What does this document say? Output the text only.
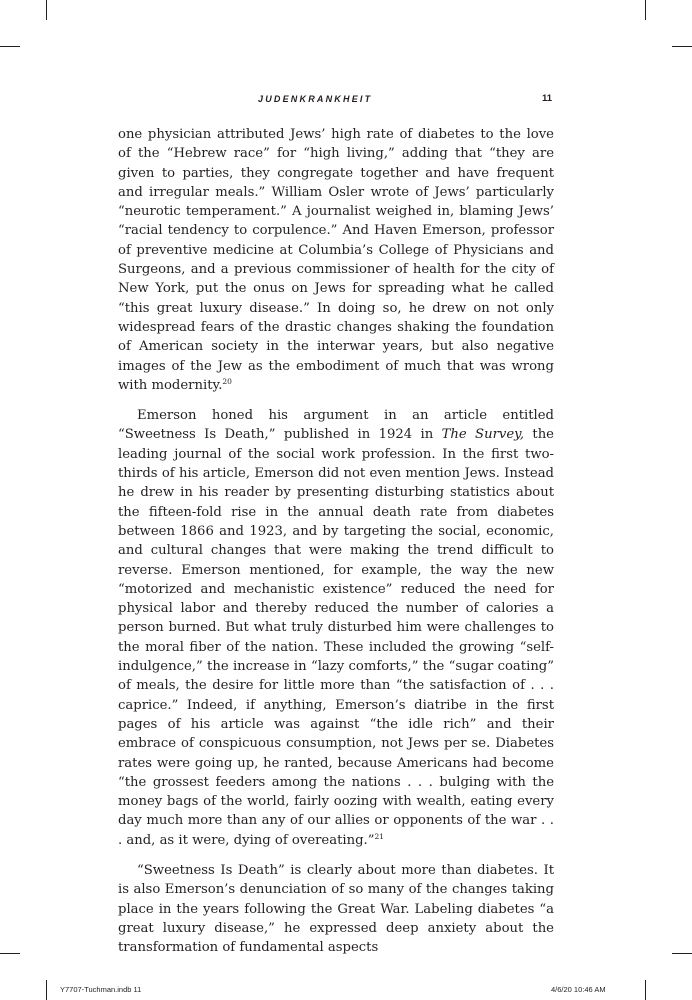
JUDENKRANKHEIT	11

one physician attributed Jews’ high rate of diabetes to the love of the “Hebrew race” for “high living,” adding that “they are given to parties, they congregate together and have frequent and irregular meals.” William Osler wrote of Jews’ particularly “neurotic temperament.” A journalist weighed in, blaming Jews’ “racial tendency to corpulence.” And Haven Emerson, professor of preventive medicine at Columbia’s College of Physicians and Surgeons, and a previous commissioner of health for the city of New York, put the onus on Jews for spreading what he called “this great luxury disease.” In doing so, he drew on not only widespread fears of the drastic changes shaking the foundation of American society in the interwar years, but also negative images of the Jew as the embodiment of much that was wrong with modernity.$^{20}$

Emerson honed his argument in an article entitled “Sweetness Is Death,” published in 1924 in The Survey, the leading journal of the social work profession. In the first two-thirds of his article, Emerson did not even mention Jews. Instead he drew in his reader by presenting disturbing statistics about the fifteen-fold rise in the annual death rate from diabetes between 1866 and 1923, and by targeting the social, economic, and cultural changes that were making the trend difficult to reverse. Emerson mentioned, for example, the way the new “motorized and mechanistic existence” reduced the need for physical labor and thereby reduced the number of calories a person burned. But what truly disturbed him were challenges to the moral fiber of the nation. These included the growing “self-indulgence,” the increase in “lazy comforts,” the “sugar coating” of meals, the desire for little more than “the satisfaction of . . . caprice.” Indeed, if anything, Emerson’s diatribe in the first pages of his article was against “the idle rich” and their embrace of conspicuous consumption, not Jews per se. Diabetes rates were going up, he ranted, because Americans had become “the grossest feeders among the nations . . . bulging with the money bags of the world, fairly oozing with wealth, eating every day much more than any of our allies or opponents of the war . . . and, as it were, dying of overeating.”$^{21}$

“Sweetness Is Death” is clearly about more than diabetes. It is also Emerson’s denunciation of so many of the changes taking place in the years following the Great War. Labeling diabetes “a great luxury disease,” he expressed deep anxiety about the transformation of fundamental aspects

Y7707-Tuchman.indb 11	4/6/20 10:46 AM
